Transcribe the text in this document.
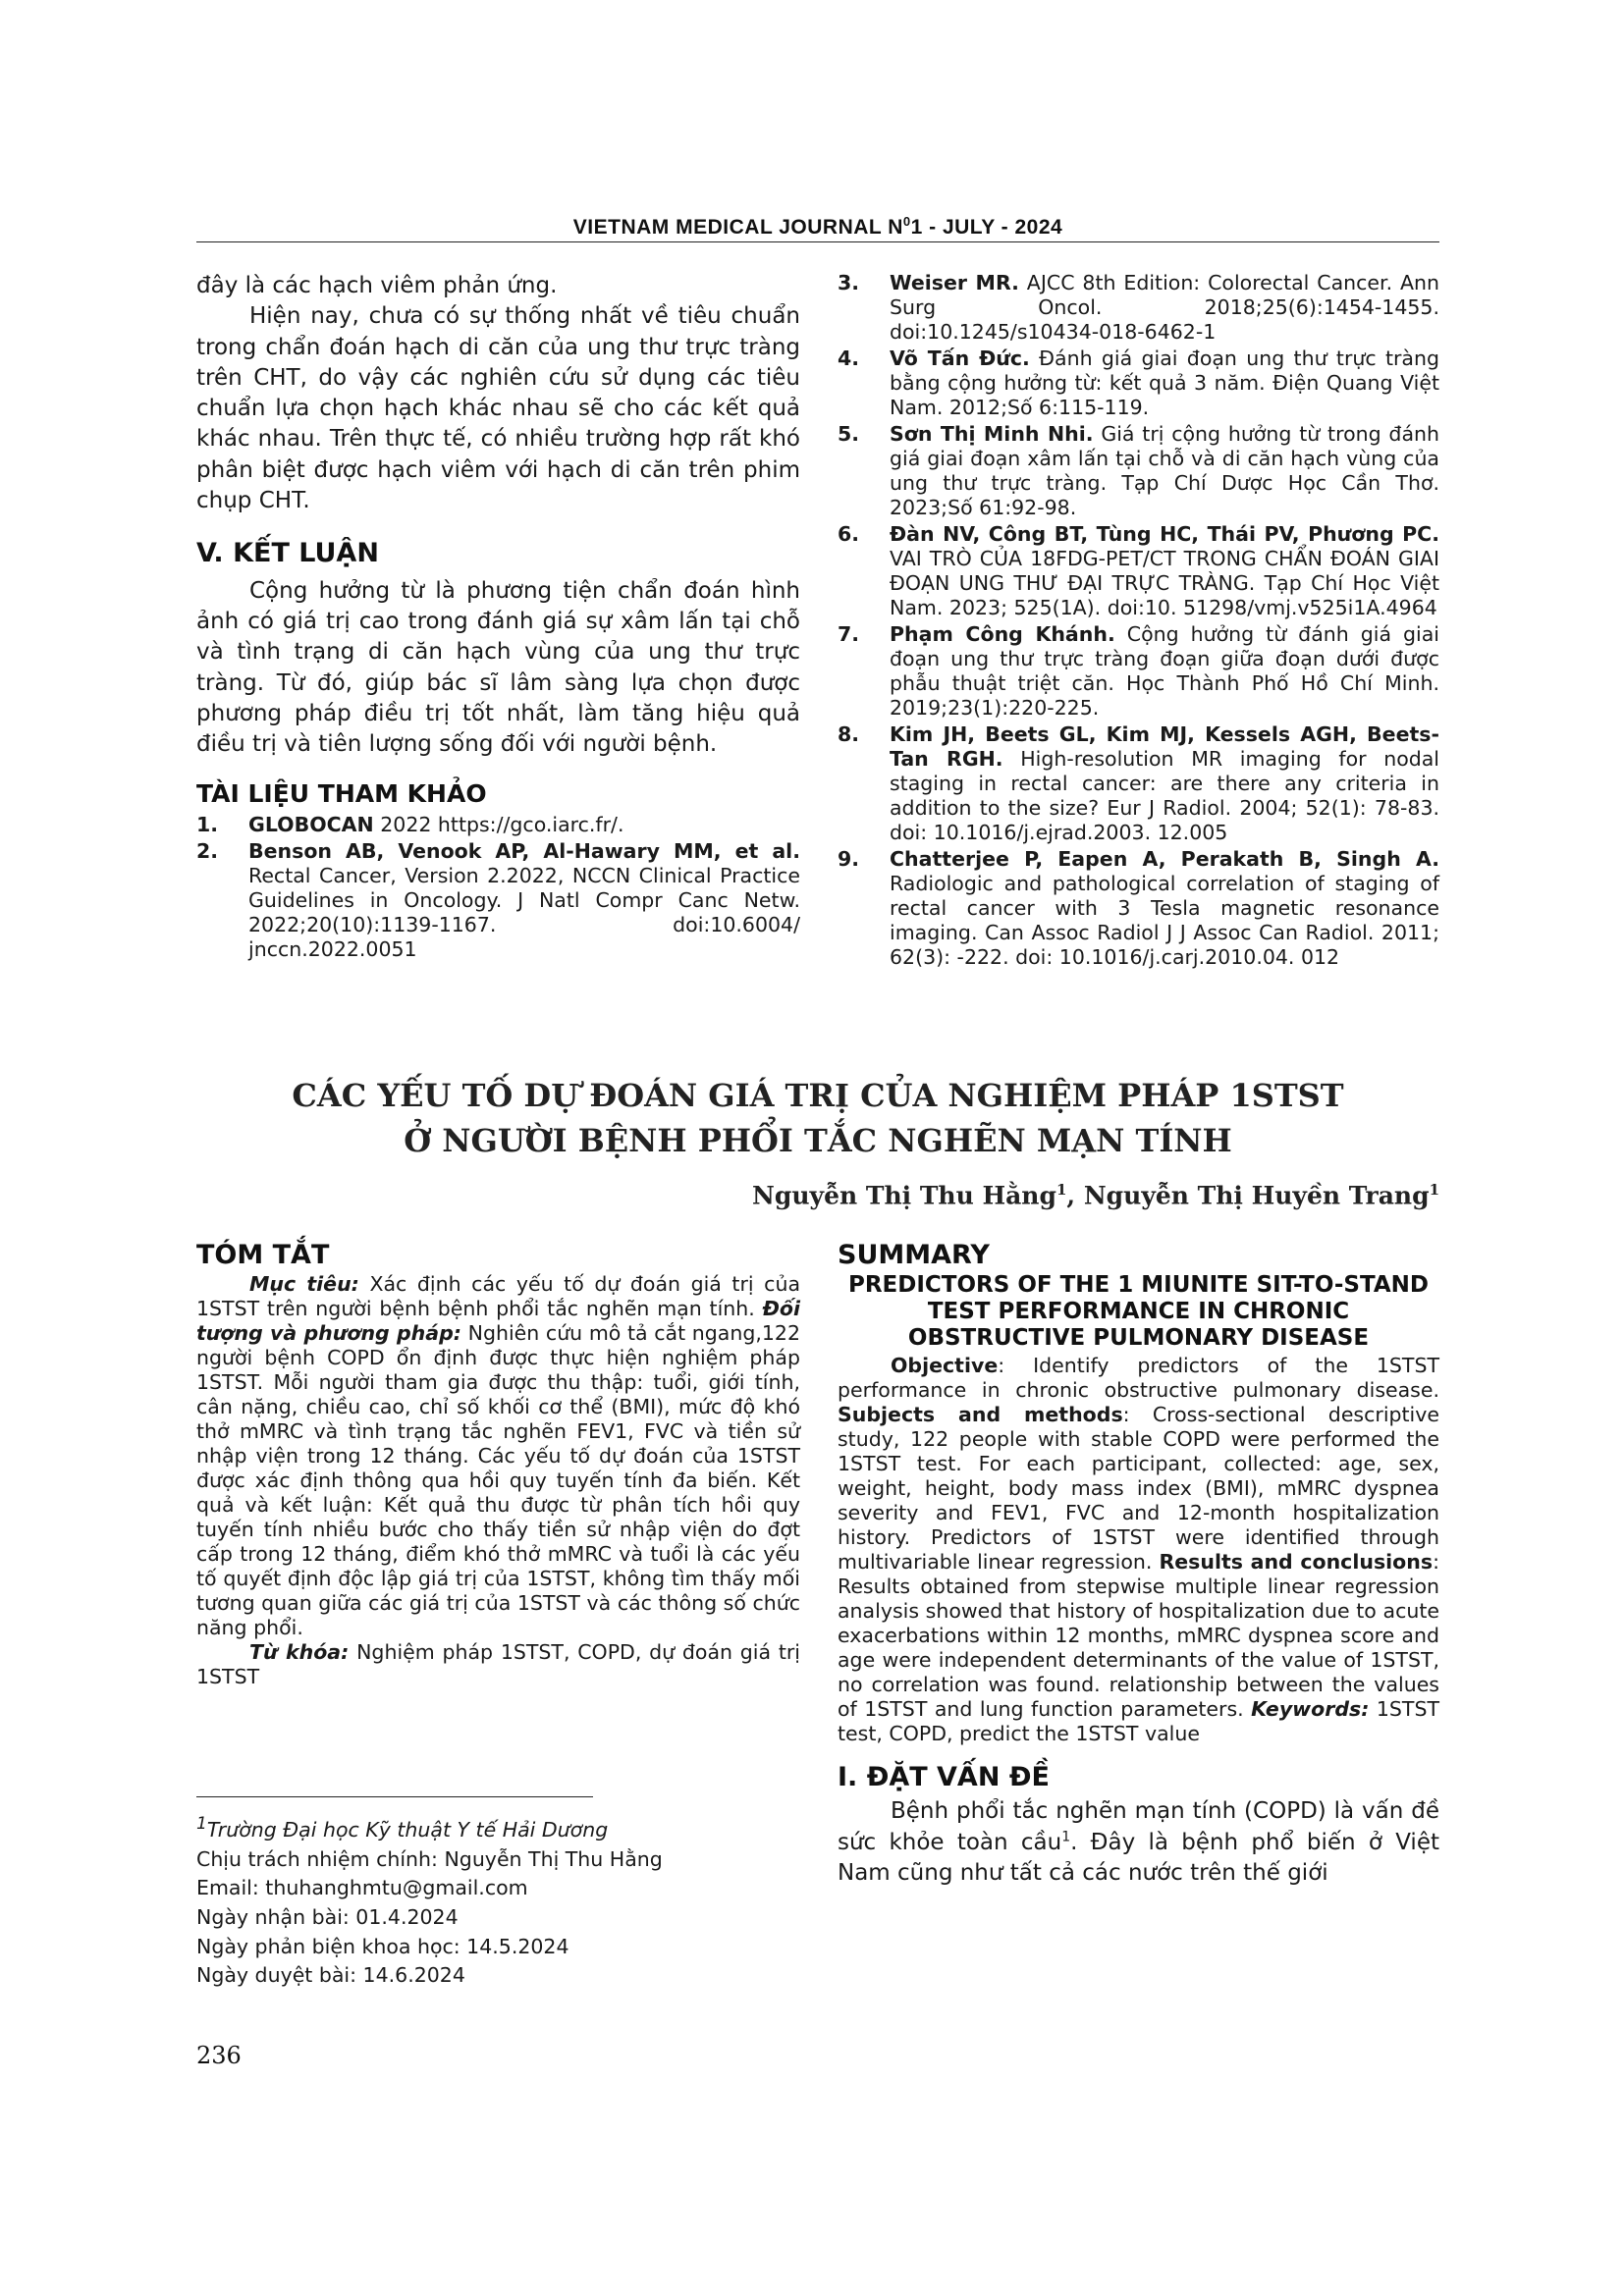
VIETNAM MEDICAL JOURNAL $N^01$ - JULY - 2024

đây là các hạch viêm phản ứng.

Hiện nay, chưa có sự thống nhất về tiêu chuẩn trong chẩn đoán hạch di căn của ung thư trực tràng trên CHT, do vậy các nghiên cứu sử dụng các tiêu chuẩn lựa chọn hạch khác nhau sẽ cho các kết quả khác nhau. Trên thực tế, có nhiều trường hợp rất khó phân biệt được hạch viêm với hạch di căn trên phim chụp CHT.

V. KẾT LUẬN

Cộng hưởng từ là phương tiện chẩn đoán hình ảnh có giá trị cao trong đánh giá sự xâm lấn tại chỗ và tình trạng di căn hạch vùng của ung thư trực tràng. Từ đó, giúp bác sĩ lâm sàng lựa chọn được phương pháp điều trị tốt nhất, làm tăng hiệu quả điều trị và tiên lượng sống đối với người bệnh.

TÀI LIỆU THAM KHẢO
1. GLOBOCAN 2022 https://gco.iarc.fr/.
2. Benson AB, Venook AP, Al-Hawary MM, et al. Rectal Cancer, Version 2.2022, NCCN Clinical Practice Guidelines in Oncology. J Natl Compr Canc Netw. 2022;20(10):1139-1167. doi:10.6004/ jnccn.2022.0051
3. Weiser MR. AJCC 8th Edition: Colorectal Cancer. Ann Surg Oncol. 2018;25(6):1454-1455. doi:10.1245/s10434-018-6462-1
4. Võ Tấn Đức. Đánh giá giai đoạn ung thư trực tràng bằng cộng hưởng từ: kết quả 3 năm. Điện Quang Việt Nam. 2012;Số 6:115-119.
5. Sơn Thị Minh Nhi. Giá trị cộng hưởng từ trong đánh giá giai đoạn xâm lấn tại chỗ và di căn hạch vùng của ung thư trực tràng. Tạp Chí Dược Học Cần Thơ. 2023;Số 61:92-98.
6. Đàn NV, Công BT, Tùng HC, Thái PV, Phương PC. VAI TRÒ CỦA 18FDG-PET/CT TRONG CHẨN ĐOÁN GIAI ĐOẠN UNG THƯ ĐẠI TRỰC TRÀNG. Tạp Chí Học Việt Nam. 2023; 525(1A). doi:10. 51298/vmj.v525i1A.4964
7. Phạm Công Khánh. Cộng hưởng từ đánh giá giai đoạn ung thư trực tràng đoạn giữa đoạn dưới được phẫu thuật triệt căn. Học Thành Phố Hồ Chí Minh. 2019;23(1):220-225.
8. Kim JH, Beets GL, Kim MJ, Kessels AGH, Beets-Tan RGH. High-resolution MR imaging for nodal staging in rectal cancer: are there any criteria in addition to the size? Eur J Radiol. 2004; 52(1): 78-83. doi: 10.1016/j.ejrad.2003. 12.005
9. Chatterjee P, Eapen A, Perakath B, Singh A. Radiologic and pathological correlation of staging of rectal cancer with 3 Tesla magnetic resonance imaging. Can Assoc Radiol J J Assoc Can Radiol. 2011; 62(3): -222. doi: 10.1016/j.carj.2010.04. 012
CÁC YẾU TỐ DỰ ĐOÁN GIÁ TRỊ CỦA NGHIỆM PHÁP 1STST
Ở NGƯỜI BỆNH PHỔI TẮC NGHẼN MẠN TÍNH
Nguyễn Thị Thu Hằng$^1$, Nguyễn Thị Huyền Trang$^1$
TÓM TẮT

Mục tiêu: Xác định các yếu tố dự đoán giá trị của 1STST trên người bệnh bệnh phổi tắc nghẽn mạn tính. Đối tượng và phương pháp: Nghiên cứu mô tả cắt ngang,122 người bệnh COPD ổn định được thực hiện nghiệm pháp 1STST. Mỗi người tham gia được thu thập: tuổi, giới tính, cân nặng, chiều cao, chỉ số khối cơ thể (BMI), mức độ khó thở mMRC và tình trạng tắc nghẽn FEV1, FVC và tiền sử nhập viện trong 12 tháng. Các yếu tố dự đoán của 1STST được xác định thông qua hồi quy tuyến tính đa biến. Kết quả và kết luận: Kết quả thu được từ phân tích hồi quy tuyến tính nhiều bước cho thấy tiền sử nhập viện do đợt cấp trong 12 tháng, điểm khó thở mMRC và tuổi là các yếu tố quyết định độc lập giá trị của 1STST, không tìm thấy mối tương quan giữa các giá trị của 1STST và các thông số chức năng phổi.

Từ khóa: Nghiệm pháp 1STST, COPD, dự đoán giá trị 1STST

$^1$Trường Đại học Kỹ thuật Y tế Hải Dương
Chịu trách nhiệm chính: Nguyễn Thị Thu Hằng
Email: thuhanghmtu@gmail.com
Ngày nhận bài: 01.4.2024
Ngày phản biện khoa học: 14.5.2024
Ngày duyệt bài: 14.6.2024
SUMMARY
PREDICTORS OF THE 1 MIUNITE SIT-TO-STAND TEST PERFORMANCE IN CHRONIC OBSTRUCTIVE PULMONARY DISEASE

Objective: Identify predictors of the 1STST performance in chronic obstructive pulmonary disease. Subjects and methods: Cross-sectional descriptive study, 122 people with stable COPD were performed the 1STST test. For each participant, collected: age, sex, weight, height, body mass index (BMI), mMRC dyspnea severity and FEV1, FVC and 12-month hospitalization history. Predictors of 1STST were identified through multivariable linear regression. Results and conclusions: Results obtained from stepwise multiple linear regression analysis showed that history of hospitalization due to acute exacerbations within 12 months, mMRC dyspnea score and age were independent determinants of the value of 1STST, no correlation was found. relationship between the values of 1STST and lung function parameters. Keywords: 1STST test, COPD, predict the 1STST value

I. ĐẶT VẤN ĐỀ

Bệnh phổi tắc nghẽn mạn tính (COPD) là vấn đề sức khỏe toàn cầu$^1$. Đây là bệnh phổ biến ở Việt Nam cũng như tất cả các nước trên thế giới

236
